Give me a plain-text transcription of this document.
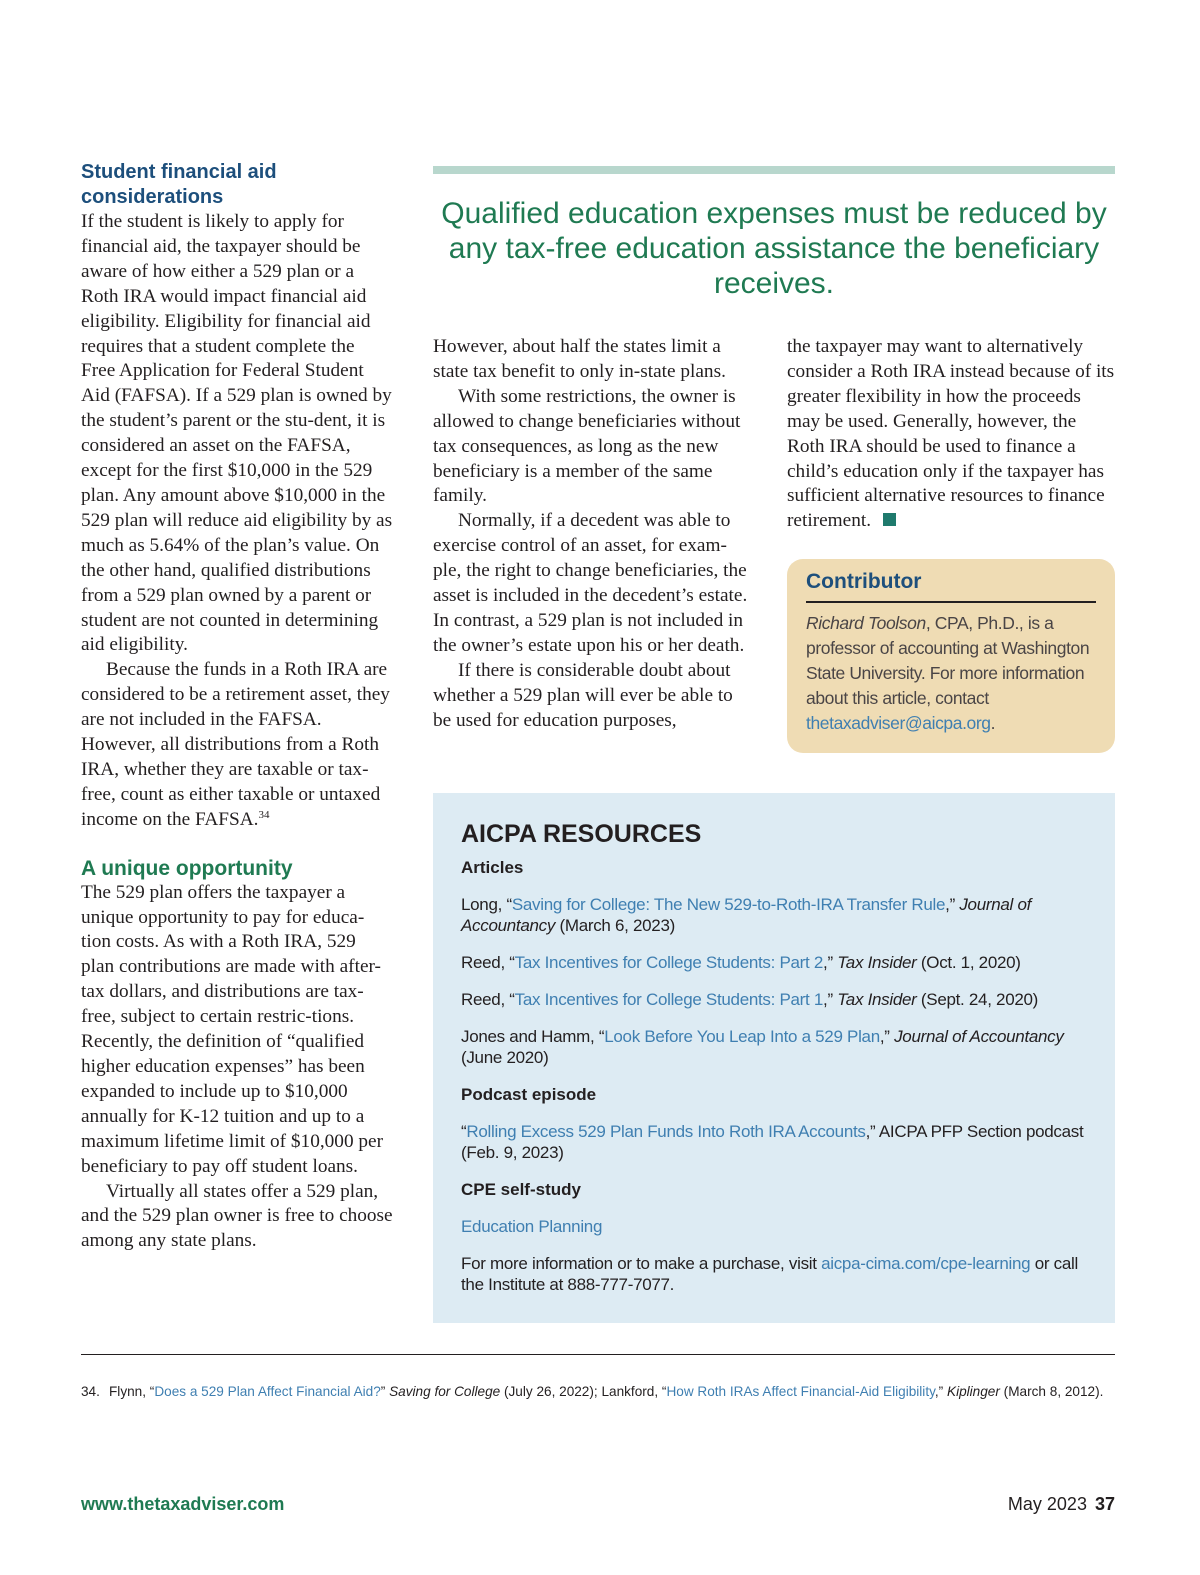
Student financial aid considerations

If the student is likely to apply for financial aid, the taxpayer should be aware of how either a 529 plan or a Roth IRA would impact financial aid eligibility. Eligibility for financial aid requires that a student complete the Free Application for Federal Student Aid (FAFSA). If a 529 plan is owned by the student’s parent or the stu-dent, it is considered an asset on the FAFSA, except for the first $10,000 in the 529 plan. Any amount above $10,000 in the 529 plan will reduce aid eligibility by as much as 5.64% of the plan’s value. On the other hand, qualified distributions from a 529 plan owned by a parent or student are not counted in determining aid eligibility.

Because the funds in a Roth IRA are considered to be a retirement asset, they are not included in the FAFSA. However, all distributions from a Roth IRA, whether they are taxable or tax-free, count as either taxable or untaxed income on the FAFSA.$^{34}$

A unique opportunity

The 529 plan offers the taxpayer a unique opportunity to pay for educa-tion costs. As with a Roth IRA, 529 plan contributions are made with after-tax dollars, and distributions are tax-free, subject to certain restric-tions. Recently, the definition of “qualified higher education expenses” has been expanded to include up to $10,000 annually for K-12 tuition and up to a maximum lifetime limit of $10,000 per beneficiary to pay off student loans.

Virtually all states offer a 529 plan, and the 529 plan owner is free to choose among any state plans.

Qualified education expenses must be reduced by any tax-free education assistance the beneficiary receives.

However, about half the states limit a state tax benefit to only in-state plans.

With some restrictions, the owner is allowed to change beneficiaries without tax consequences, as long as the new beneficiary is a member of the same family.

Normally, if a decedent was able to exercise control of an asset, for exam-ple, the right to change beneficiaries, the asset is included in the decedent’s estate. In contrast, a 529 plan is not included in the owner’s estate upon his or her death.

If there is considerable doubt about whether a 529 plan will ever be able to be used for education purposes,

the taxpayer may want to alternatively consider a Roth IRA instead because of its greater flexibility in how the proceeds may be used. Generally, however, the Roth IRA should be used to finance a child’s education only if the taxpayer has sufficient alternative resources to finance retirement.

Contributor
Richard Toolson, CPA, Ph.D., is a professor of accounting at Washington State University. For more information about this article, contact thetaxadviser@aicpa.org.
AICPA RESOURCES
Articles
Long, “Saving for College: The New 529-to-Roth-IRA Transfer Rule,” Journal of Accountancy (March 6, 2023)
Reed, “Tax Incentives for College Students: Part 2,” Tax Insider (Oct. 1, 2020)
Reed, “Tax Incentives for College Students: Part 1,” Tax Insider (Sept. 24, 2020)
Jones and Hamm, “Look Before You Leap Into a 529 Plan,” Journal of Accountancy (June 2020)
Podcast episode
“Rolling Excess 529 Plan Funds Into Roth IRA Accounts,” AICPA PFP Section podcast (Feb. 9, 2023)
CPE self-study
Education Planning
For more information or to make a purchase, visit aicpa-cima.com/cpe-learning or call the Institute at 888-777-7077.
34. Flynn, “Does a 529 Plan Affect Financial Aid?” Saving for College (July 26, 2022); Lankford, “How Roth IRAs Affect Financial-Aid Eligibility,” Kiplinger (March 8, 2012).
www.thetaxadviser.com	May 2023 37
